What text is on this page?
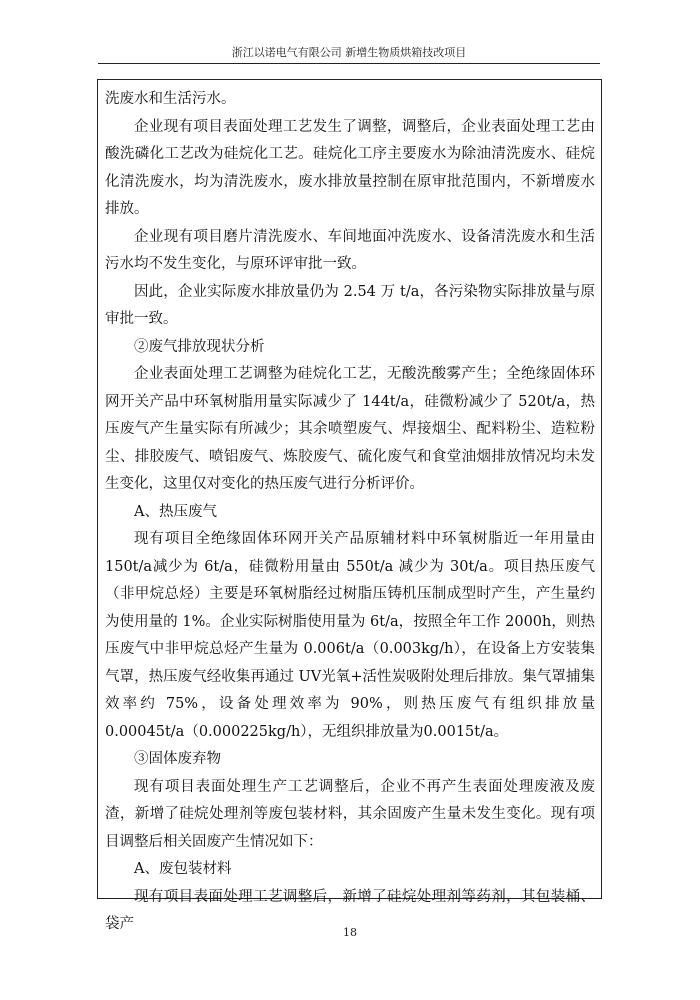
浙江以诺电气有限公司 新增生物质烘箱技改项目

洗废水和生活污水。

企业现有项目表面处理工艺发生了调整，调整后，企业表面处理工艺由酸洗磷化工艺改为硅烷化工艺。硅烷化工序主要废水为除油清洗废水、硅烷化清洗废水，均为清洗废水，废水排放量控制在原审批范围内，不新增废水排放。

企业现有项目磨片清洗废水、车间地面冲洗废水、设备清洗废水和生活污水均不发生变化，与原环评审批一致。

因此，企业实际废水排放量仍为 2.54 万 t/a，各污染物实际排放量与原审批一致。

②废气排放现状分析

企业表面处理工艺调整为硅烷化工艺，无酸洗酸雾产生；全绝缘固体环网开关产品中环氧树脂用量实际减少了 144t/a，硅微粉减少了 520t/a，热压废气产生量实际有所减少；其余喷塑废气、焊接烟尘、配料粉尘、造粒粉尘、排胶废气、喷铝废气、炼胶废气、硫化废气和食堂油烟排放情况均未发生变化，这里仅对变化的热压废气进行分析评价。

A、热压废气

现有项目全绝缘固体环网开关产品原辅材料中环氧树脂近一年用量由150t/a减少为 6t/a，硅微粉用量由 550t/a 减少为 30t/a。项目热压废气（非甲烷总烃）主要是环氧树脂经过树脂压铸机压制成型时产生，产生量约为使用量的 1%。企业实际树脂使用量为 6t/a，按照全年工作 2000h，则热压废气中非甲烷总烃产生量为 0.006t/a（0.003kg/h），在设备上方安装集气罩，热压废气经收集再通过 UV光氧+活性炭吸附处理后排放。集气罩捕集效率约 75%，设备处理效率为 90%，则热压废气有组织排放量 0.00045t/a（0.000225kg/h），无组织排放量为0.0015t/a。

③固体废弃物

现有项目表面处理生产工艺调整后，企业不再产生表面处理废液及废渣，新增了硅烷处理剂等废包装材料，其余固废产生量未发生变化。现有项目调整后相关固废产生情况如下：

A、废包装材料

现有项目表面处理工艺调整后，新增了硅烷处理剂等药剂，其包装桶、袋产

18
